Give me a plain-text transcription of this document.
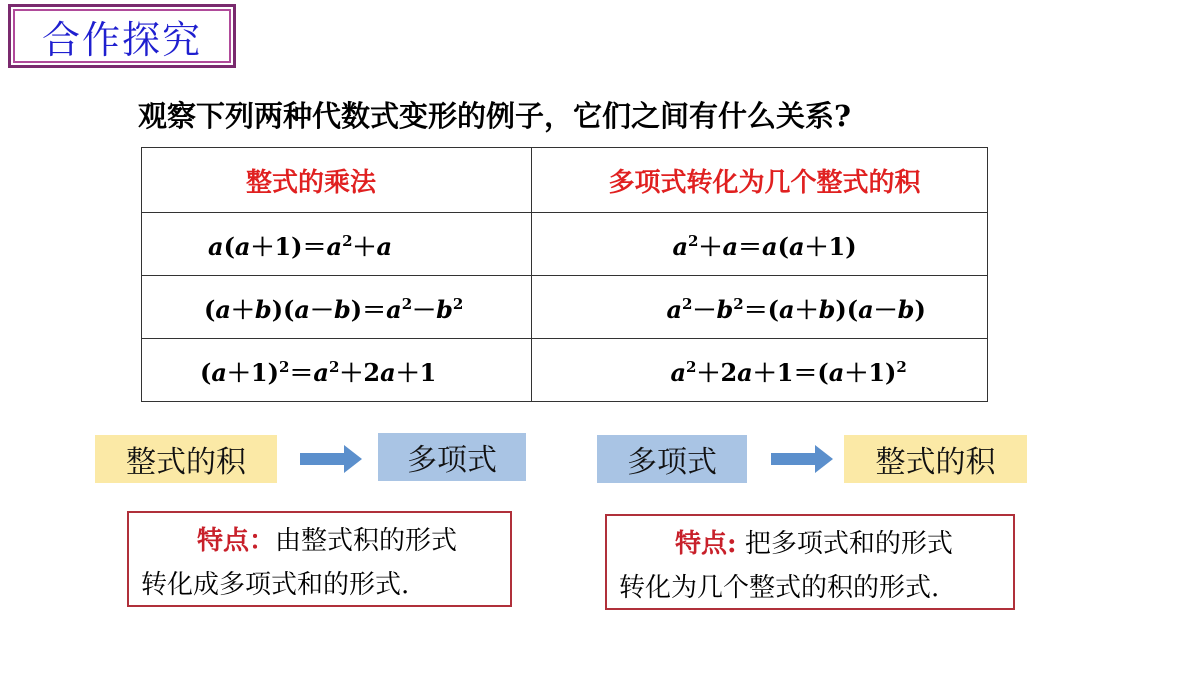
合作探究
观察下列两种代数式变形的例子，它们之间有什么关系?
整式的乘法	多项式转化为几个整式的积

$a(a+1)=a^2+a$	$a^2+a=a(a+1)$

$(a+b)(a-b)=a^2-b^2$	$a^2-b^2=(a+b)(a-b)$

$(a+1)^2=a^2+2a+1$	$a^2+2a+1=(a+1)^2$
整式的积	多项式	多项式	整式的积
特点：由整式积的形式
转化成多项式和的形式.
特点: 把多项式和的形式
转化为几个整式的积的形式.
